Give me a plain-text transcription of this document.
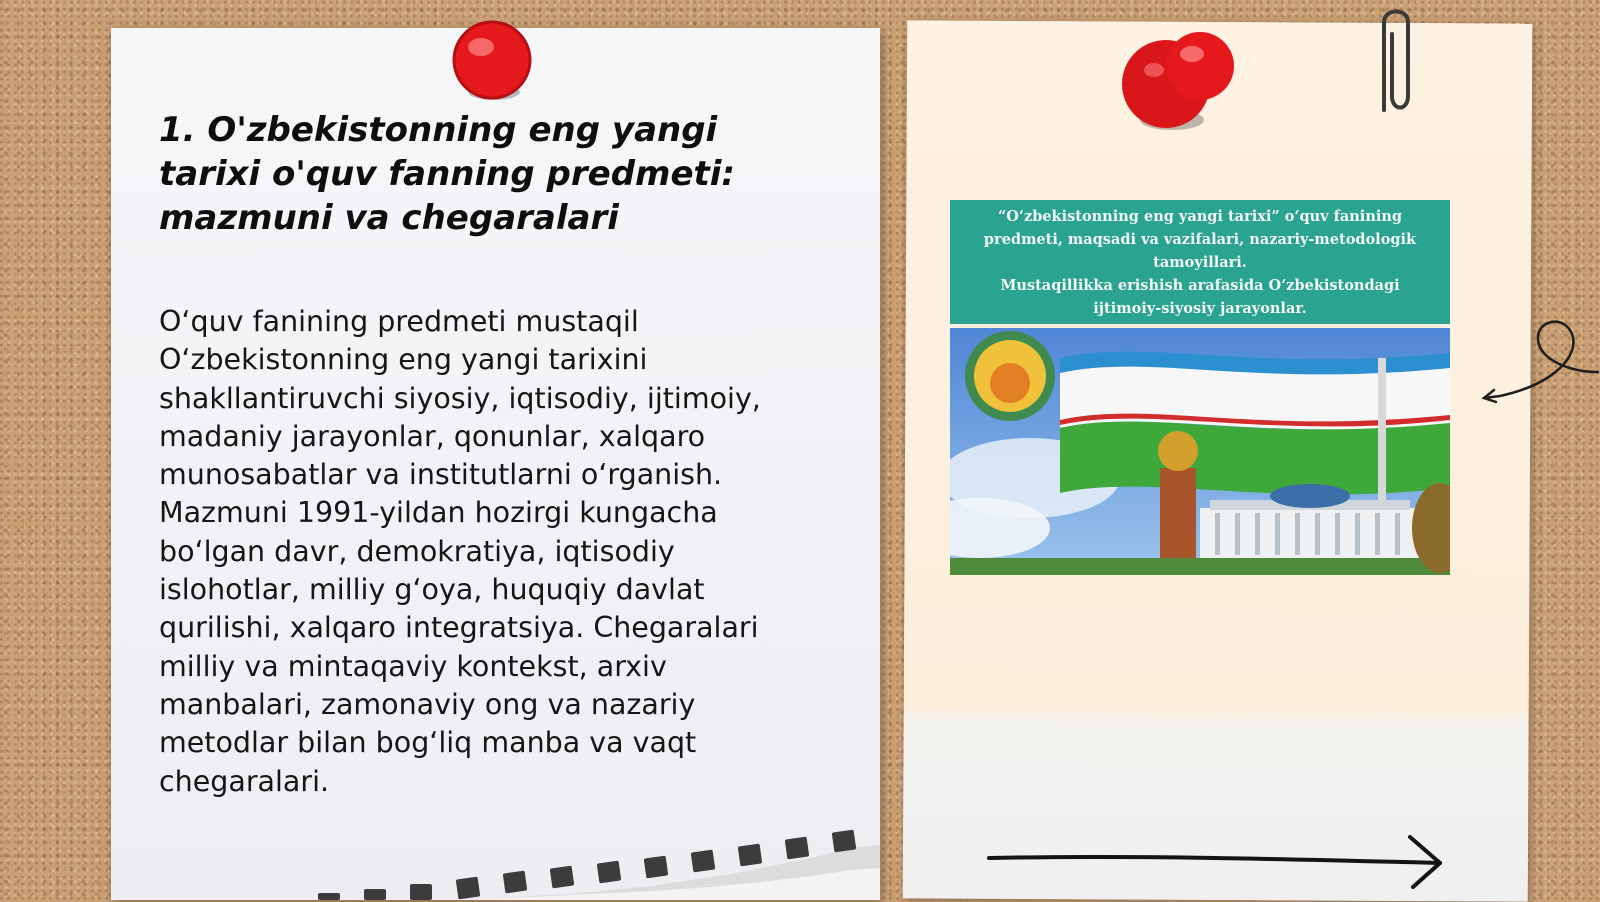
1. O'zbekistonning eng yangi tarixi o'quv fanning predmeti: mazmuni va chegaralari

O‘quv fanining predmeti mustaqil O‘zbekistonning eng yangi tarixini shakllantiruvchi siyosiy, iqtisodiy, ijtimoiy, madaniy jarayonlar, qonunlar, xalqaro munosabatlar va institutlarni o‘rganish. Mazmuni 1991-yildan hozirgi kungacha bo‘lgan davr, demokratiya, iqtisodiy islohotlar, milliy g‘oya, huquqiy davlat qurilishi, xalqaro integratsiya. Chegaralari milliy va mintaqaviy kontekst, arxiv manbalari, zamonaviy ong va nazariy metodlar bilan bog‘liq manba va vaqt chegaralari.

“O‘zbekistonning eng yangi tarixi” o‘quv fanining
predmeti, maqsadi va vazifalari, nazariy-metodologik
tamoyillari.
Mustaqillikka erishish arafasida O‘zbekistondagi
ijtimoiy-siyosiy jarayonlar.
